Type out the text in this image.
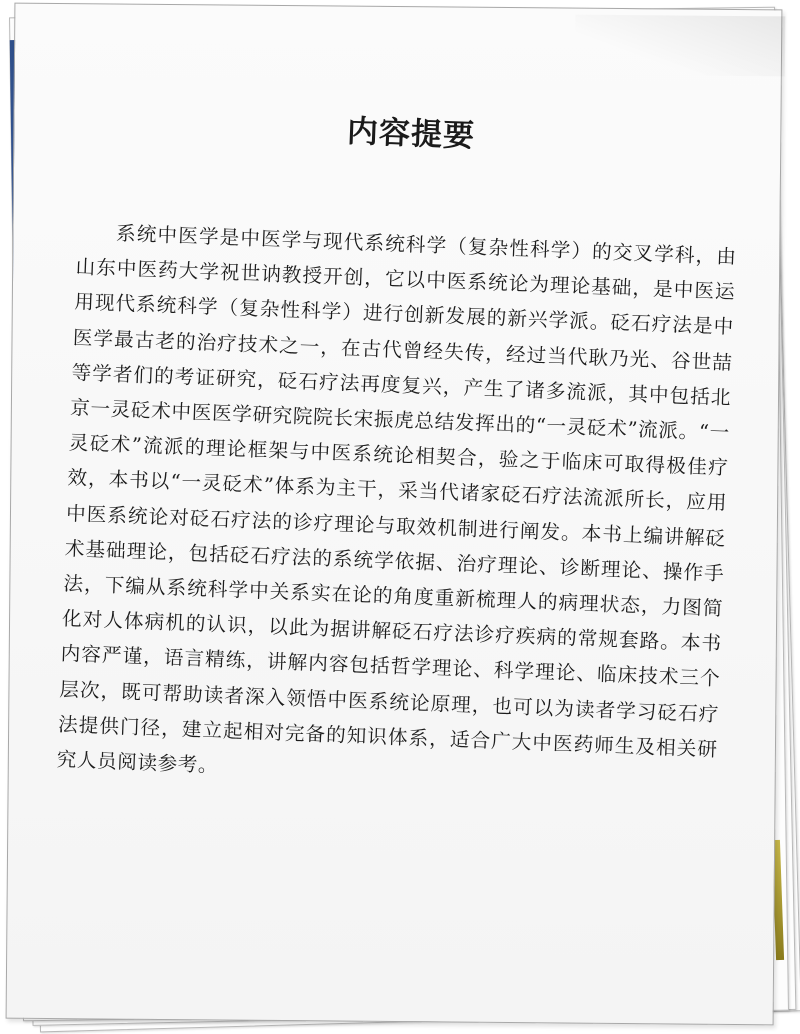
内容提要

系统中医学是中医学与现代系统科学（复杂性科学）的交叉学科，由山东中医药大学祝世讷教授开创，它以中医系统论为理论基础，是中医运用现代系统科学（复杂性科学）进行创新发展的新兴学派。砭石疗法是中医学最古老的治疗技术之一，在古代曾经失传，经过当代耿乃光、谷世喆等学者们的考证研究，砭石疗法再度复兴，产生了诸多流派，其中包括北京一灵砭术中医医学研究院院长宋振虎总结发挥出的“一灵砭术”流派。“一灵砭术”流派的理论框架与中医系统论相契合，验之于临床可取得极佳疗效，本书以“一灵砭术”体系为主干，采当代诸家砭石疗法流派所长，应用中医系统论对砭石疗法的诊疗理论与取效机制进行阐发。本书上编讲解砭术基础理论，包括砭石疗法的系统学依据、治疗理论、诊断理论、操作手法，下编从系统科学中关系实在论的角度重新梳理人的病理状态，力图简化对人体病机的认识，以此为据讲解砭石疗法诊疗疾病的常规套路。本书内容严谨，语言精练，讲解内容包括哲学理论、科学理论、临床技术三个层次，既可帮助读者深入领悟中医系统论原理，也可以为读者学习砭石疗法提供门径，建立起相对完备的知识体系，适合广大中医药师生及相关研究人员阅读参考。
